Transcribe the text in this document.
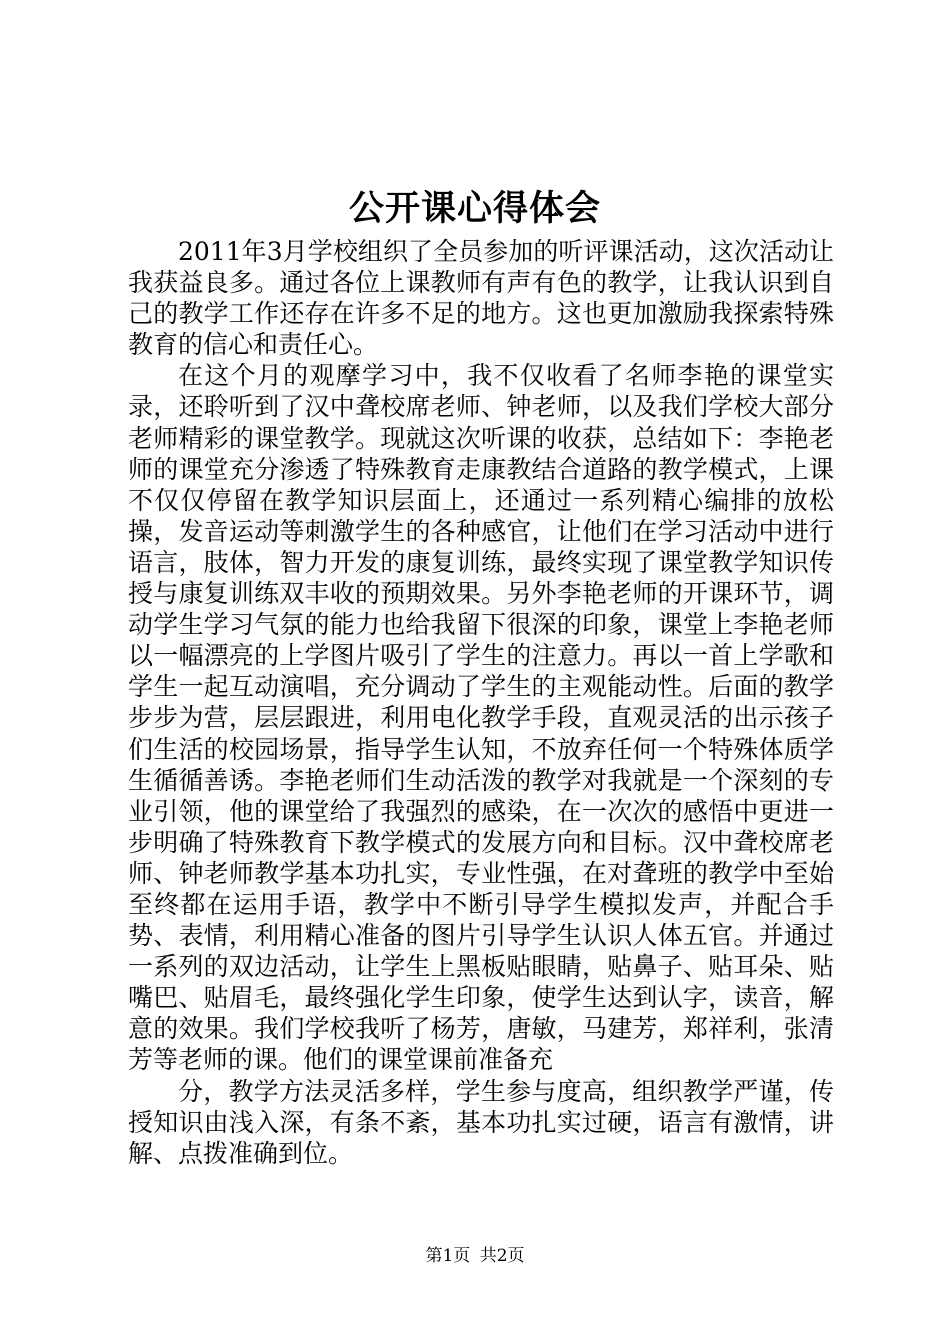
公开课心得体会

2011年3月学校组织了全员参加的听评课活动，这次活动让我获益良多。通过各位上课教师有声有色的教学，让我认识到自己的教学工作还存在许多不足的地方。这也更加激励我探索特殊教育的信心和责任心。

在这个月的观摩学习中，我不仅收看了名师李艳的课堂实录，还聆听到了汉中聋校席老师、钟老师，以及我们学校大部分老师精彩的课堂教学。现就这次听课的收获，总结如下：李艳老师的课堂充分渗透了特殊教育走康教结合道路的教学模式，上课不仅仅停留在教学知识层面上，还通过一系列精心编排的放松操，发音运动等刺激学生的各种感官，让他们在学习活动中进行语言，肢体，智力开发的康复训练，最终实现了课堂教学知识传授与康复训练双丰收的预期效果。另外李艳老师的开课环节，调动学生学习气氛的能力也给我留下很深的印象，课堂上李艳老师以一幅漂亮的上学图片吸引了学生的注意力。再以一首上学歌和学生一起互动演唱，充分调动了学生的主观能动性。后面的教学步步为营，层层跟进，利用电化教学手段，直观灵活的出示孩子们生活的校园场景，指导学生认知，不放弃任何一个特殊体质学生循循善诱。李艳老师们生动活泼的教学对我就是一个深刻的专业引领，他的课堂给了我强烈的感染，在一次次的感悟中更进一步明确了特殊教育下教学模式的发展方向和目标。汉中聋校席老师、钟老师教学基本功扎实，专业性强，在对聋班的教学中至始至终都在运用手语，教学中不断引导学生模拟发声，并配合手势、表情，利用精心准备的图片引导学生认识人体五官。并通过一系列的双边活动，让学生上黑板贴眼睛，贴鼻子、贴耳朵、贴嘴巴、贴眉毛，最终强化学生印象，使学生达到认字，读音，解意的效果。我们学校我听了杨芳，唐敏，马建芳，郑祥利，张清芳等老师的课。他们的课堂课前准备充

分，教学方法灵活多样，学生参与度高，组织教学严谨，传授知识由浅入深，有条不紊，基本功扎实过硬，语言有激情，讲解、点拨准确到位。

第1页 共2页
